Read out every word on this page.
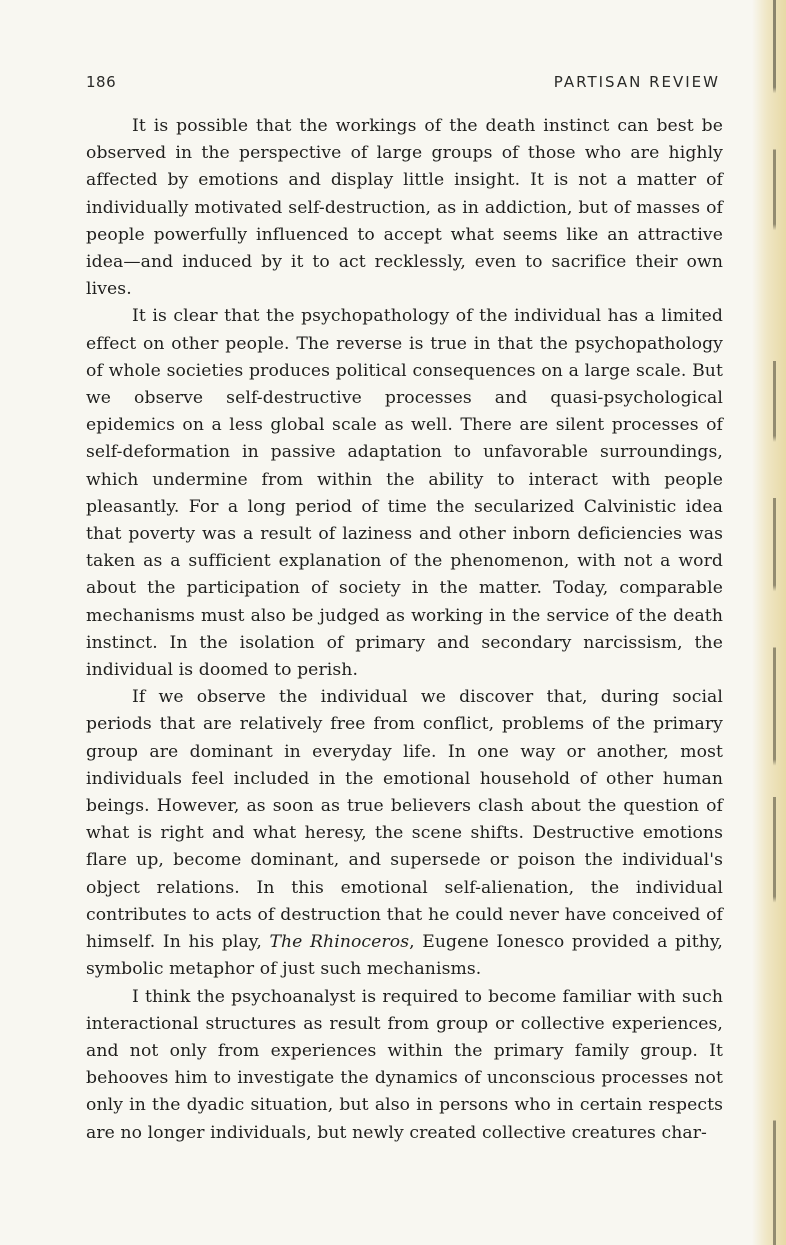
186	PARTISAN REVIEW

It is possible that the workings of the death instinct can best be observed in the perspective of large groups of those who are highly affected by emotions and display little insight. It is not a matter of individually motivated self-destruction, as in addiction, but of masses of people powerfully influenced to accept what seems like an attractive idea—and induced by it to act recklessly, even to sacrifice their own lives.

It is clear that the psychopathology of the individual has a limited effect on other people. The reverse is true in that the psychopathology of whole societies produces political consequences on a large scale. But we observe self-destructive processes and quasi-psychological epidemics on a less global scale as well. There are silent processes of self-deformation in passive adaptation to unfavorable surroundings, which undermine from within the ability to interact with people pleasantly. For a long period of time the secularized Calvinistic idea that poverty was a result of laziness and other inborn deficiencies was taken as a sufficient explanation of the phenomenon, with not a word about the participation of society in the matter. Today, comparable mechanisms must also be judged as working in the service of the death instinct. In the isolation of primary and secondary narcissism, the individual is doomed to perish.

If we observe the individual we discover that, during social periods that are relatively free from conflict, problems of the primary group are dominant in everyday life. In one way or another, most individuals feel included in the emotional household of other human beings. However, as soon as true believers clash about the question of what is right and what heresy, the scene shifts. Destructive emotions flare up, become dominant, and supersede or poison the individual's object relations. In this emotional self-alienation, the individual contributes to acts of destruction that he could never have conceived of himself. In his play, The Rhinoceros, Eugene Ionesco provided a pithy, symbolic metaphor of just such mechanisms.

I think the psychoanalyst is required to become familiar with such interactional structures as result from group or collective experiences, and not only from experiences within the primary family group. It behooves him to investigate the dynamics of unconscious processes not only in the dyadic situation, but also in persons who in certain respects are no longer individuals, but newly created collective creatures char-
